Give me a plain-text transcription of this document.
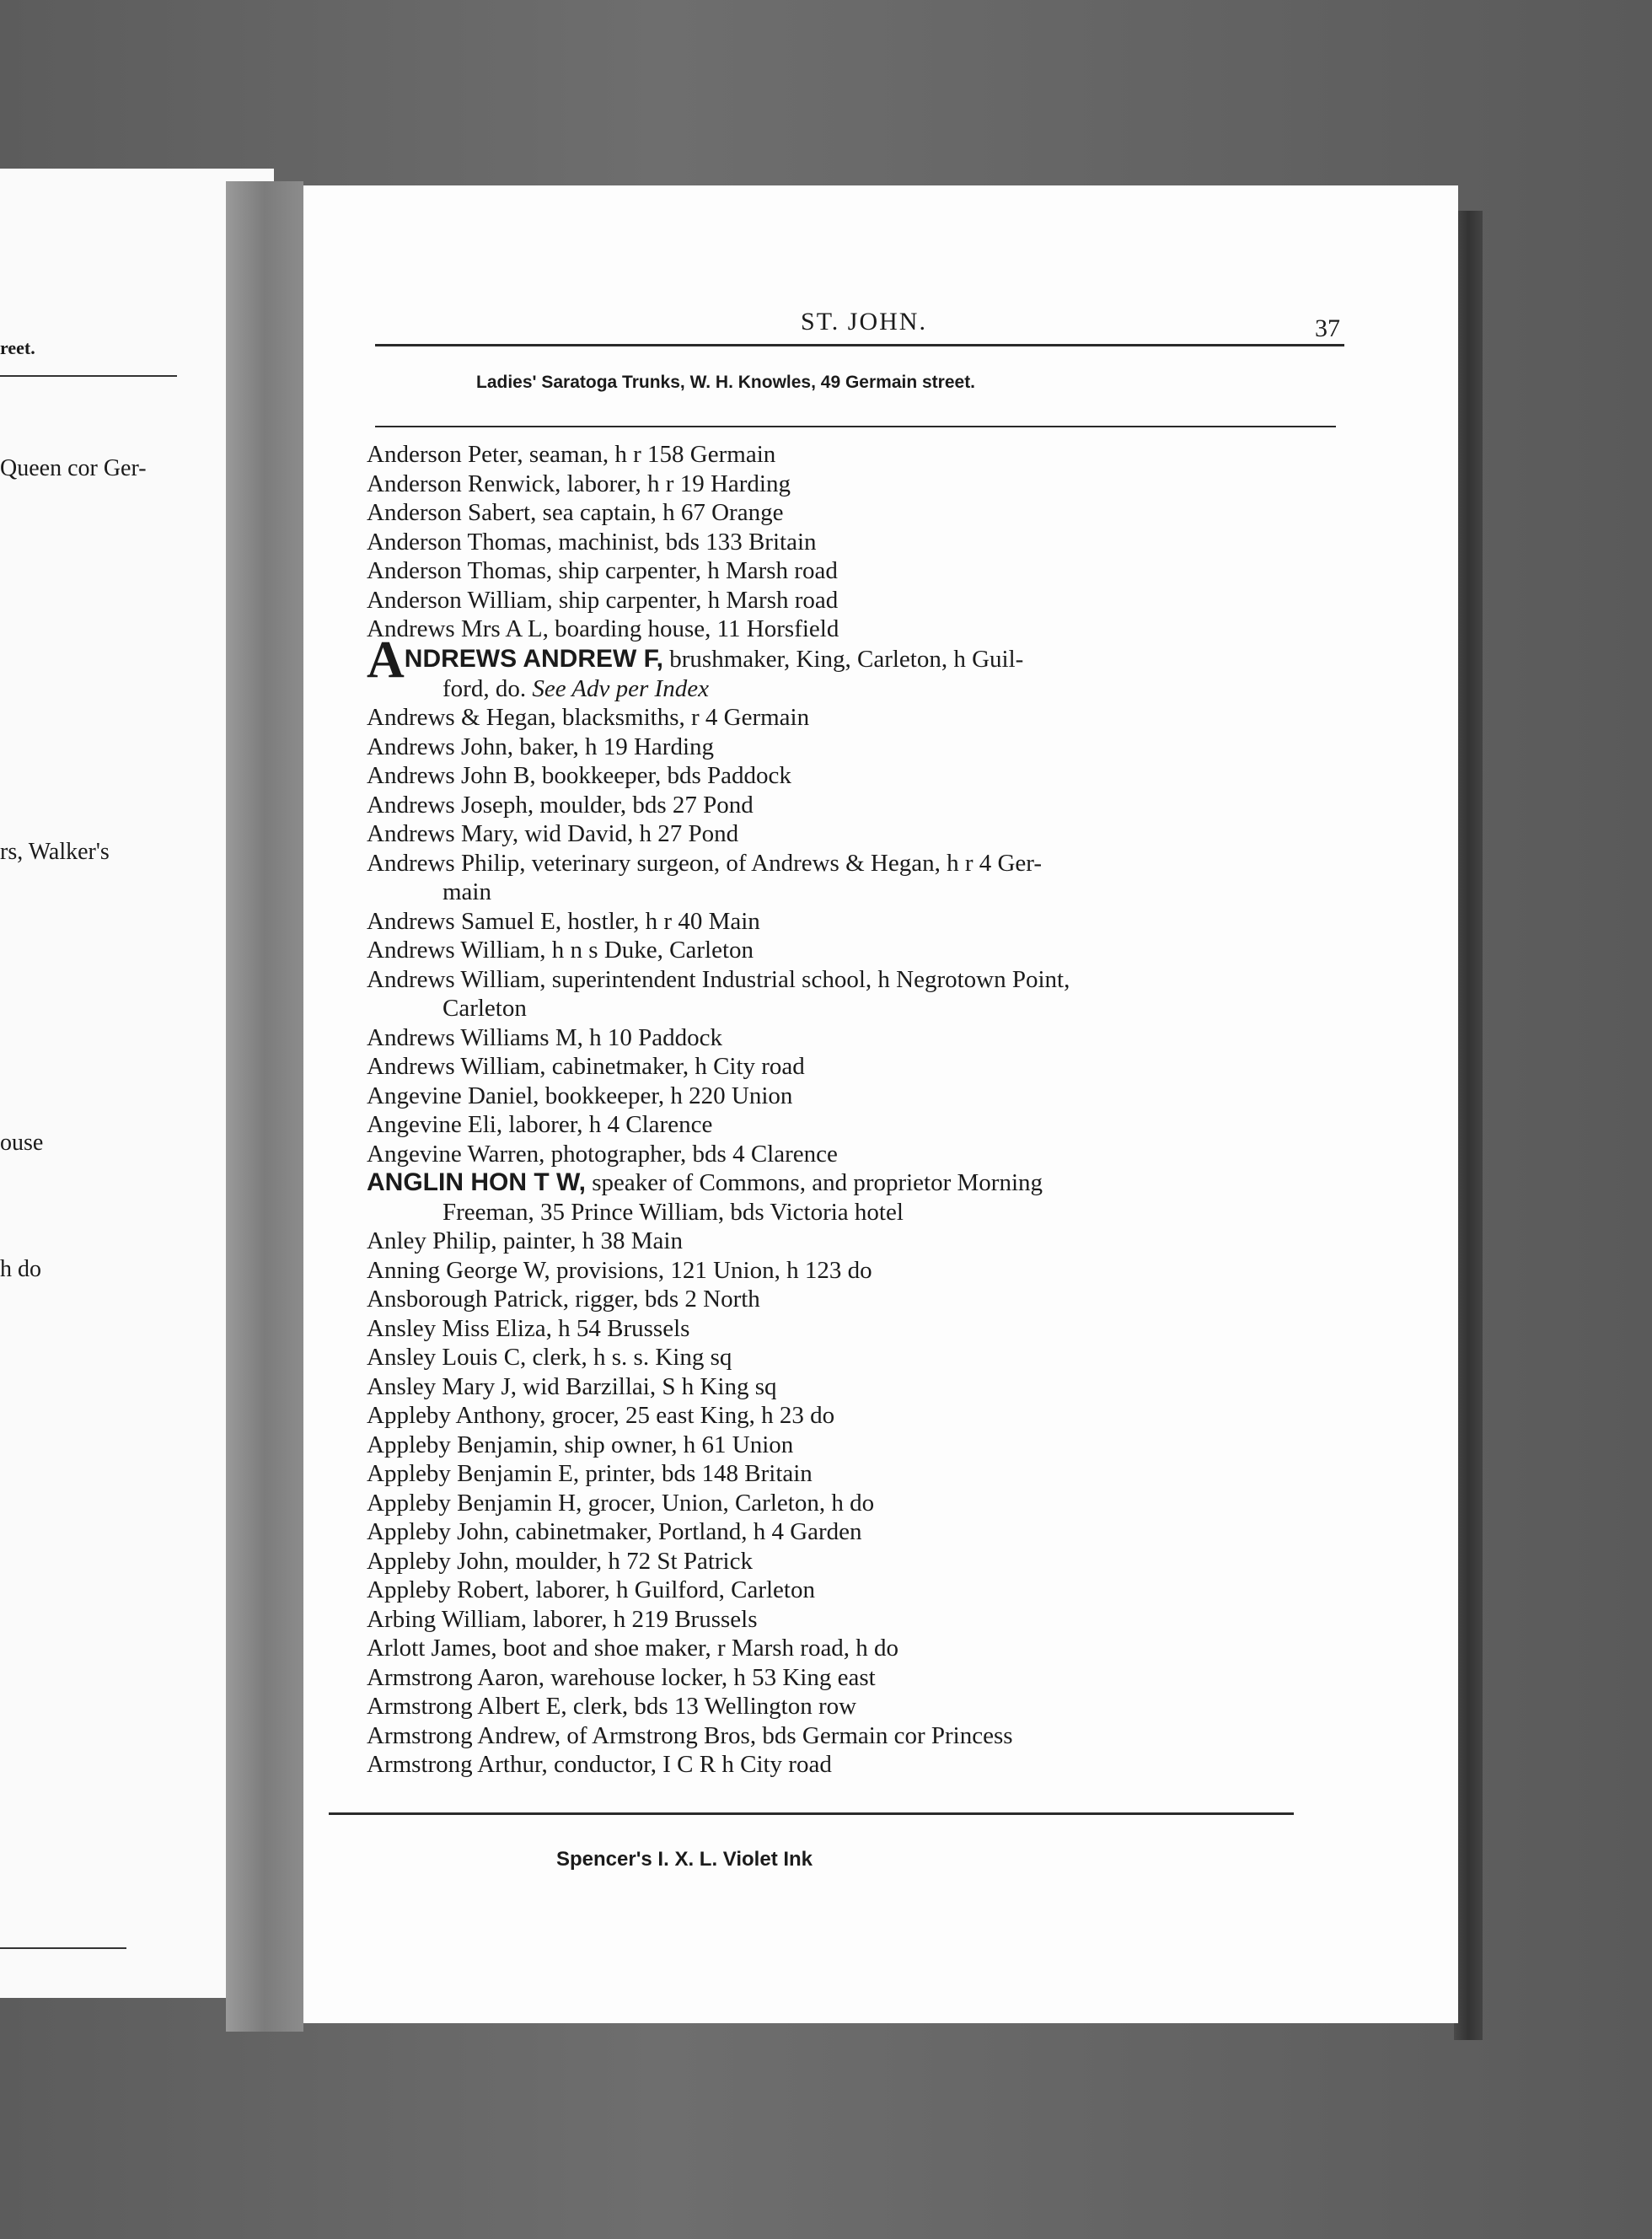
reet.
Queen cor Ger-
rs, Walker's
ouse
h do
ST. JOHN.	37
Ladies' Saratoga Trunks, W. H. Knowles, 49 Germain street.
Anderson Peter, seaman, h r 158 Germain
Anderson Renwick, laborer, h r 19 Harding
Anderson Sabert, sea captain, h 67 Orange
Anderson Thomas, machinist, bds 133 Britain
Anderson Thomas, ship carpenter, h Marsh road
Anderson William, ship carpenter, h Marsh road
Andrews Mrs A L, boarding house, 11 Horsfield
ANDREWS ANDREW F, brushmaker, King, Carleton, h Guil-
ford, do. See Adv per Index
Andrews & Hegan, blacksmiths, r 4 Germain
Andrews John, baker, h 19 Harding
Andrews John B, bookkeeper, bds Paddock
Andrews Joseph, moulder, bds 27 Pond
Andrews Mary, wid David, h 27 Pond
Andrews Philip, veterinary surgeon, of Andrews & Hegan, h r 4 Ger-
main
Andrews Samuel E, hostler, h r 40 Main
Andrews William, h n s Duke, Carleton
Andrews William, superintendent Industrial school, h Negrotown Point,
Carleton
Andrews Williams M, h 10 Paddock
Andrews William, cabinetmaker, h City road
Angevine Daniel, bookkeeper, h 220 Union
Angevine Eli, laborer, h 4 Clarence
Angevine Warren, photographer, bds 4 Clarence
ANGLIN HON T W, speaker of Commons, and proprietor Morning
Freeman, 35 Prince William, bds Victoria hotel
Anley Philip, painter, h 38 Main
Anning George W, provisions, 121 Union, h 123 do
Ansborough Patrick, rigger, bds 2 North
Ansley Miss Eliza, h 54 Brussels
Ansley Louis C, clerk, h s. s. King sq
Ansley Mary J, wid Barzillai, S h King sq
Appleby Anthony, grocer, 25 east King, h 23 do
Appleby Benjamin, ship owner, h 61 Union
Appleby Benjamin E, printer, bds 148 Britain
Appleby Benjamin H, grocer, Union, Carleton, h do
Appleby John, cabinetmaker, Portland, h 4 Garden
Appleby John, moulder, h 72 St Patrick
Appleby Robert, laborer, h Guilford, Carleton
Arbing William, laborer, h 219 Brussels
Arlott James, boot and shoe maker, r Marsh road, h do
Armstrong Aaron, warehouse locker, h 53 King east
Armstrong Albert E, clerk, bds 13 Wellington row
Armstrong Andrew, of Armstrong Bros, bds Germain cor Princess
Armstrong Arthur, conductor, I C R h City road
Spencer's I. X. L. Violet Ink
